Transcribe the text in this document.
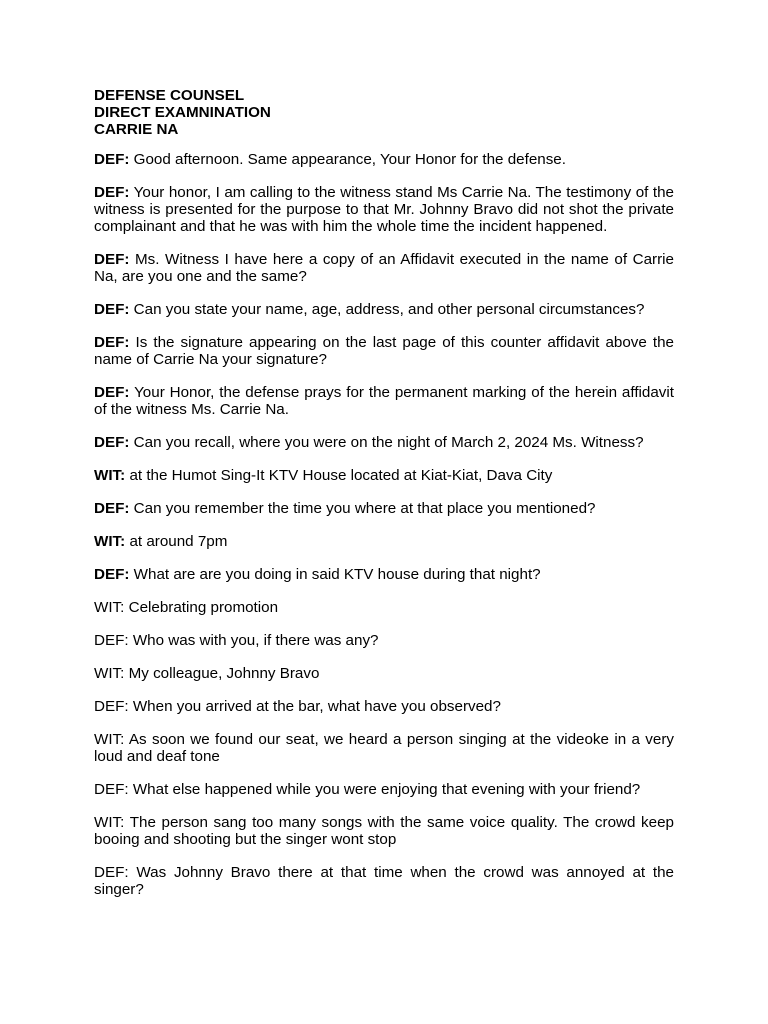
DEFENSE COUNSEL
DIRECT EXAMNINATION
CARRIE NA

DEF: Good afternoon. Same appearance, Your Honor for the defense.

DEF: Your honor, I am calling to the witness stand Ms Carrie Na. The testimony of the witness is presented for the purpose to that Mr. Johnny Bravo did not shot the private complainant and that he was with him the whole time the incident happened.

DEF: Ms. Witness I have here a copy of an Affidavit executed in the name of Carrie Na, are you one and the same?

DEF: Can you state your name, age, address, and other personal circumstances?

DEF: Is the signature appearing on the last page of this counter affidavit above the name of Carrie Na your signature?

DEF: Your Honor, the defense prays for the permanent marking of the herein affidavit of the witness Ms. Carrie Na.

DEF: Can you recall, where you were on the night of March 2, 2024 Ms. Witness?

WIT: at the Humot Sing-It KTV House located at Kiat-Kiat, Dava City

DEF: Can you remember the time you where at that place you mentioned?

WIT: at around 7pm

DEF: What are are you doing in said KTV house during that night?

WIT: Celebrating promotion

DEF: Who was with you, if there was any?

WIT: My colleague, Johnny Bravo

DEF: When you arrived at the bar, what have you observed?

WIT: As soon we found our seat, we heard a person singing at the videoke in a very loud and deaf tone

DEF: What else happened while you were enjoying that evening with your friend?

WIT: The person sang too many songs with the same voice quality. The crowd keep booing and shooting but the singer wont stop

DEF: Was Johnny Bravo there at that time when the crowd was annoyed at the singer?
